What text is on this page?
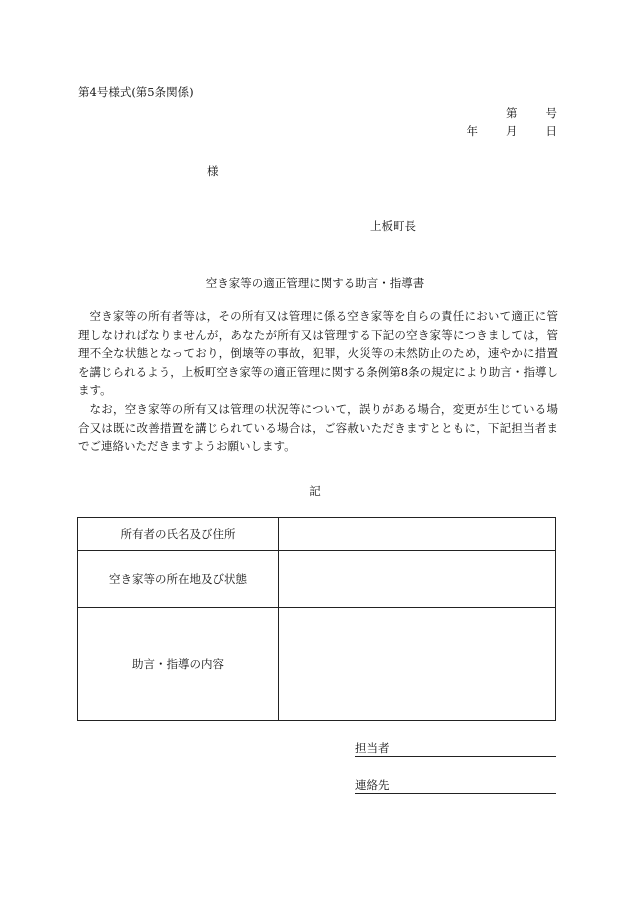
第4号様式(第5条関係)
第 号
年 月 日
様
上板町長
空き家等の適正管理に関する助言・指導書

空き家等の所有者等は，その所有又は管理に係る空き家等を自らの責任において適正に管理しなければなりませんが，あなたが所有又は管理する下記の空き家等につきましては，管理不全な状態となっており，倒壊等の事故，犯罪，火災等の未然防止のため，速やかに措置を講じられるよう，上板町空き家等の適正管理に関する条例第8条の規定により助言・指導します。

なお，空き家等の所有又は管理の状況等について，誤りがある場合，変更が生じている場合又は既に改善措置を講じられている場合は，ご容赦いただきますとともに，下記担当者までご連絡いただきますようお願いします。

記
所有者の氏名及び住所	
空き家等の所在地及び状態	
助言・指導の内容	
担当者
連絡先
